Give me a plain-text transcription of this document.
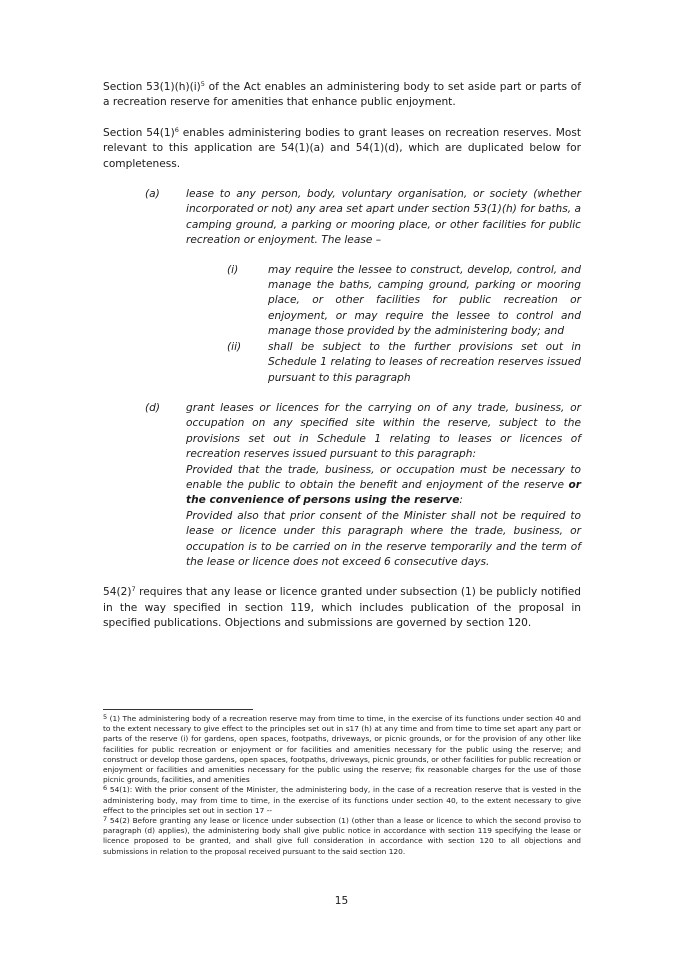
Section $53(1)(h)(i)^5$ of the Act enables an administering body to set aside part or parts of a recreation reserve for amenities that enhance public enjoyment.

Section $54(1)^6$ enables administering bodies to grant leases on recreation reserves. Most relevant to this application are 54(1)(a) and 54(1)(d), which are duplicated below for completeness.

(a)	lease to any person, body, voluntary organisation, or society (whether incorporated or not) any area set apart under section 53(1)(h) for baths, a camping ground, a parking or mooring place, or other facilities for public recreation or enjoyment. The lease –
(i)	may require the lessee to construct, develop, control, and manage the baths, camping ground, parking or mooring place, or other facilities for public recreation or enjoyment, or may require the lessee to control and manage those provided by the administering body; and
(ii)	shall be subject to the further provisions set out in Schedule 1 relating to leases of recreation reserves issued pursuant to this paragraph
(d)	grant leases or licences for the carrying on of any trade, business, or occupation on any specified site within the reserve, subject to the provisions set out in Schedule 1 relating to leases or licences of recreation reserves issued pursuant to this paragraph:
Provided that the trade, business, or occupation must be necessary to enable the public to obtain the benefit and enjoyment of the reserve or the convenience of persons using the reserve:
Provided also that prior consent of the Minister shall not be required to lease or licence under this paragraph where the trade, business, or occupation is to be carried on in the reserve temporarily and the term of the lease or licence does not exceed 6 consecutive days.

$54(2)^7$ requires that any lease or licence granted under subsection (1) be publicly notified in the way specified in section 119, which includes publication of the proposal in specified publications. Objections and submissions are governed by section 120.

$^5$ (1) The administering body of a recreation reserve may from time to time, in the exercise of its functions under section 40 and to the extent necessary to give effect to the principles set out in s17 (h) at any time and from time to time set apart any part or parts of the reserve (i) for gardens, open spaces, footpaths, driveways, or picnic grounds, or for the provision of any other like facilities for public recreation or enjoyment or for facilities and amenities necessary for the public using the reserve; and construct or develop those gardens, open spaces, footpaths, driveways, picnic grounds, or other facilities for public recreation or enjoyment or facilities and amenities necessary for the public using the reserve; fix reasonable charges for the use of those picnic grounds, facilities, and amenities

$^6$ 54(1): With the prior consent of the Minister, the administering body, in the case of a recreation reserve that is vested in the administering body, may from time to time, in the exercise of its functions under section 40, to the extent necessary to give effect to the principles set out in section 17 --

$^7$ 54(2) Before granting any lease or licence under subsection (1) (other than a lease or licence to which the second proviso to paragraph (d) applies), the administering body shall give public notice in accordance with section 119 specifying the lease or licence proposed to be granted, and shall give full consideration in accordance with section 120 to all objections and submissions in relation to the proposal received pursuant to the said section 120.

15
